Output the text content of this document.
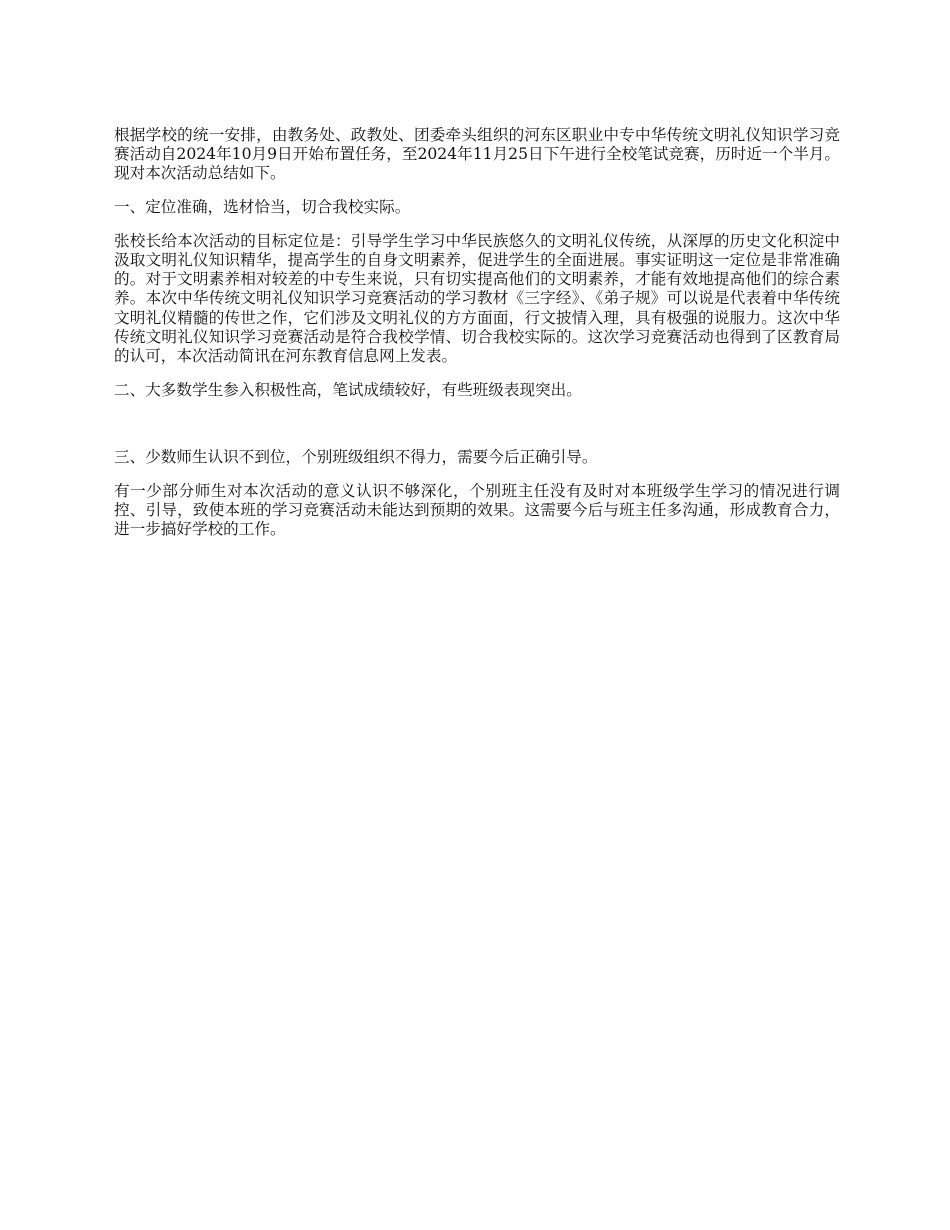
根据学校的统一安排，由教务处、政教处、团委牵头组织的河东区职业中专中华传统文明礼仪知识学习竞赛活动自2024年10月9日开始布置任务，至2024年11月25日下午进行全校笔试竞赛，历时近一个半月。现对本次活动总结如下。

一、定位准确，选材恰当，切合我校实际。

张校长给本次活动的目标定位是：引导学生学习中华民族悠久的文明礼仪传统，从深厚的历史文化积淀中汲取文明礼仪知识精华，提高学生的自身文明素养，促进学生的全面进展。事实证明这一定位是非常准确的。对于文明素养相对较差的中专生来说，只有切实提高他们的文明素养，才能有效地提高他们的综合素养。本次中华传统文明礼仪知识学习竞赛活动的学习教材《三字经》、《弟子规》可以说是代表着中华传统文明礼仪精髓的传世之作，它们涉及文明礼仪的方方面面，行文披情入理，具有极强的说服力。这次中华传统文明礼仪知识学习竞赛活动是符合我校学情、切合我校实际的。这次学习竞赛活动也得到了区教育局的认可，本次活动简讯在河东教育信息网上发表。

二、大多数学生参入积极性高，笔试成绩较好，有些班级表现突出。

三、少数师生认识不到位，个别班级组织不得力，需要今后正确引导。

有一少部分师生对本次活动的意义认识不够深化，个别班主任没有及时对本班级学生学习的情况进行调控、引导，致使本班的学习竞赛活动未能达到预期的效果。这需要今后与班主任多沟通，形成教育合力，进一步搞好学校的工作。
